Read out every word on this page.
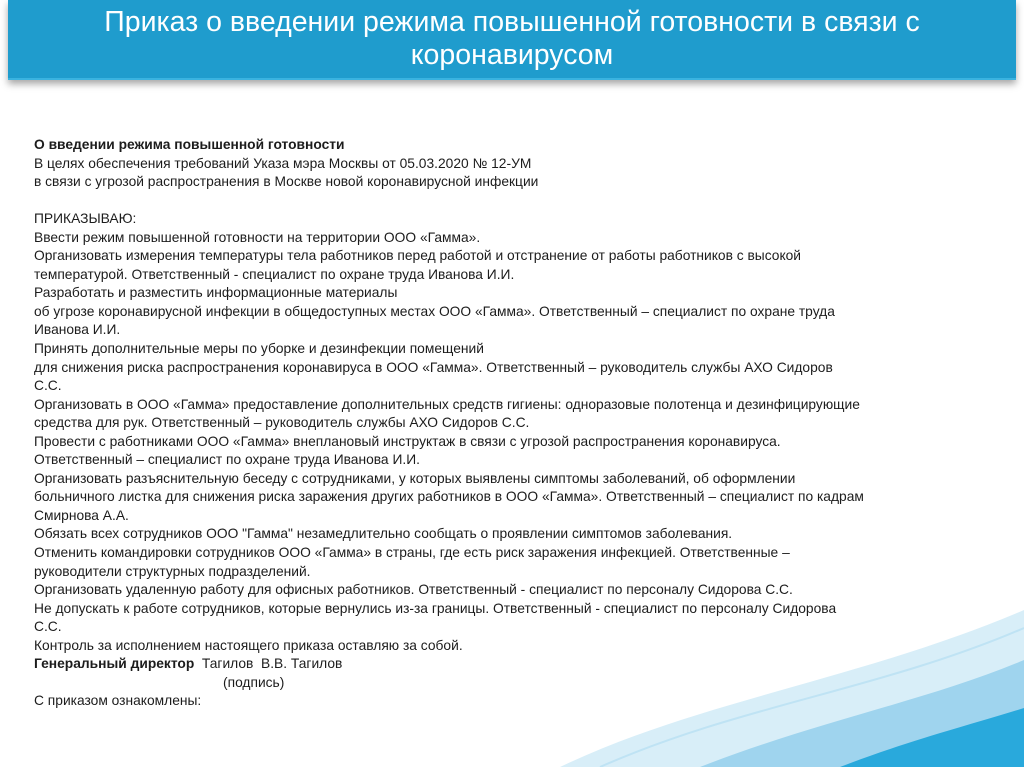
Приказ о введении режима повышенной готовности в связи с коронавирусом
О введении режима повышенной готовности
В целях обеспечения требований Указа мэра Москвы от 05.03.2020 № 12-УМ
в связи с угрозой распространения в Москве новой коронавирусной инфекции
ПРИКАЗЫВАЮ:
Ввести режим повышенной готовности на территории ООО «Гамма».
Организовать измерения температуры тела работников перед работой и отстранение от работы работников с высокой
температурой. Ответственный - специалист по охране труда Иванова И.И.
Разработать и разместить информационные материалы
об угрозе коронавирусной инфекции в общедоступных местах ООО «Гамма». Ответственный – специалист по охране труда
Иванова И.И.
Принять дополнительные меры по уборке и дезинфекции помещений
для снижения риска распространения коронавируса в ООО «Гамма». Ответственный – руководитель службы АХО Сидоров
С.С.
Организовать в ООО «Гамма» предоставление дополнительных средств гигиены: одноразовые полотенца и дезинфицирующие
средства для рук. Ответственный – руководитель службы АХО Сидоров С.С.
Провести с работниками ООО «Гамма» внеплановый инструктаж в связи с угрозой распространения коронавируса.
Ответственный – специалист по охране труда Иванова И.И.
Организовать разъяснительную беседу с сотрудниками, у которых выявлены симптомы заболеваний, об оформлении
больничного листка для снижения риска заражения других работников в ООО «Гамма». Ответственный – специалист по кадрам
Смирнова А.А.
Обязать всех сотрудников ООО "Гамма" незамедлительно сообщать о проявлении симптомов заболевания.
Отменить командировки сотрудников ООО «Гамма» в страны, где есть риск заражения инфекцией. Ответственные –
руководители структурных подразделений.
Организовать удаленную работу для офисных работников. Ответственный - специалист по персоналу Сидорова С.С.
Не допускать к работе сотрудников, которые вернулись из-за границы. Ответственный - специалист по персоналу Сидорова
С.С.
Контроль за исполнением настоящего приказа оставляю за собой.
Генеральный директор  Тагилов  В.В. Тагилов
(подпись)
С приказом ознакомлены:
